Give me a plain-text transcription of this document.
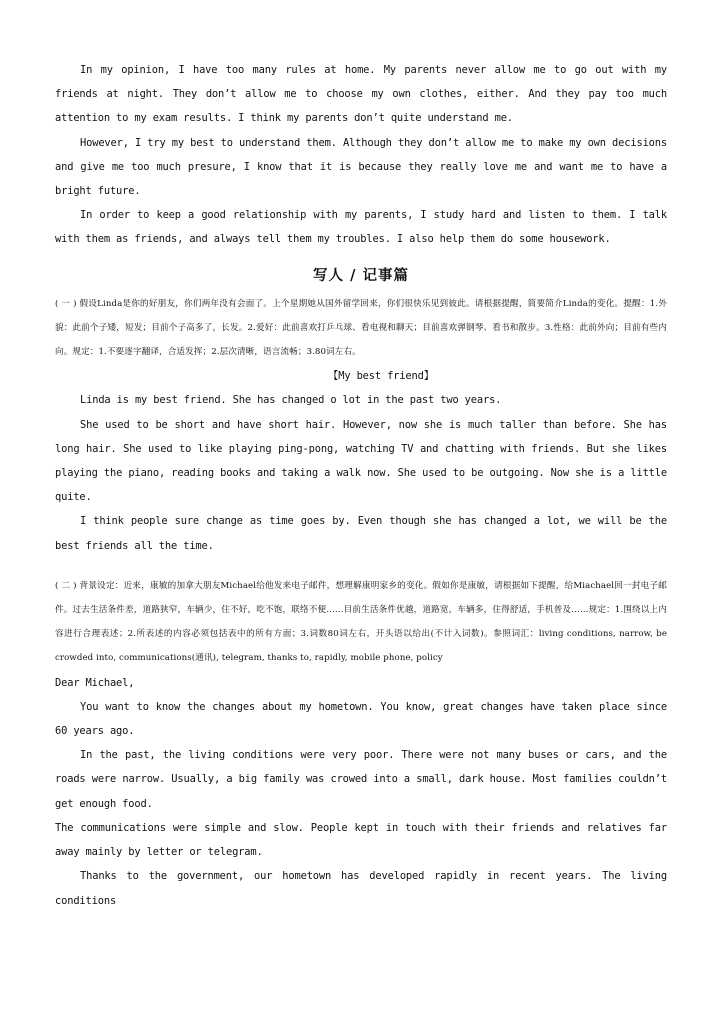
In my opinion, I have too many rules at home. My parents never allow me to go out with my friends at night. They don’t allow me to choose my own clothes, either. And they pay too much attention to my exam results. I think my parents don’t quite understand me.

However, I try my best to understand them. Although they don’t allow me to make my own decisions and give me too much presure, I know that it is because they really love me and want me to have a bright future.

In order to keep a good relationship with my parents, I study hard and listen to them. I talk with them as friends, and always tell them my troubles. I also help them do some housework.

写人 / 记事篇

( 一 ) 假设Linda是你的好朋友，你们两年没有会面了。上个星期她从国外留学回来，你们很快乐见到彼此。请根据提醒，简要简介Linda的变化。提醒：1.外貌：此前个子矮，短发；目前个子高多了，长发。2.爱好：此前喜欢打乒乓球、看电视和聊天；目前喜欢弹钢琴、看书和散步。3.性格：此前外向；目前有些内向。规定：1.不要逐字翻译，合适发挥；2.层次清晰，语言流畅；3.80词左右。

【My best friend】

Linda is my best friend. She has changed o lot in the past two years.

She used to be short and have short hair. However, now she is much taller than before. She has long hair. She used to like playing ping-pong, watching TV and chatting with friends. But she likes playing the piano, reading books and taking a walk now. She used to be outgoing. Now she is a little quite.

I think people sure change as time goes by. Even though she has changed a lot, we will be the best friends all the time.

( 二 ) 背景设定：近来，康敏的加拿大朋友Michael给他发来电子邮件，想理解康明家乡的变化。假如你是康敏，请根据如下提醒，给Miachael回一封电子邮件。过去生活条件差，道路狭窄，车辆少，住不好，吃不饱，联络不便……目前生活条件优越，道路宽，车辆多，住得舒适，手机普及……规定：1.围绕以上内容进行合理表述；2.所表述的内容必须包括表中的所有方面；3.词数80词左右，开头语以给出(不计入词数)。参照词汇：living conditions, narrow, be crowded into, communications(通讯), telegram, thanks to, rapidly, mobile phone, policy

Dear Michael,

You want to know the changes about my hometown. You know, great changes have taken place since 60 years ago.

In the past, the living conditions were very poor. There were not many buses or cars, and the roads were narrow. Usually, a big family was crowed into a small, dark house. Most families couldn’t get enough food.

The communications were simple and slow. People kept in touch with their friends and relatives far away mainly by letter or telegram.

Thanks to the government, our hometown has developed rapidly in recent years. The living conditions
